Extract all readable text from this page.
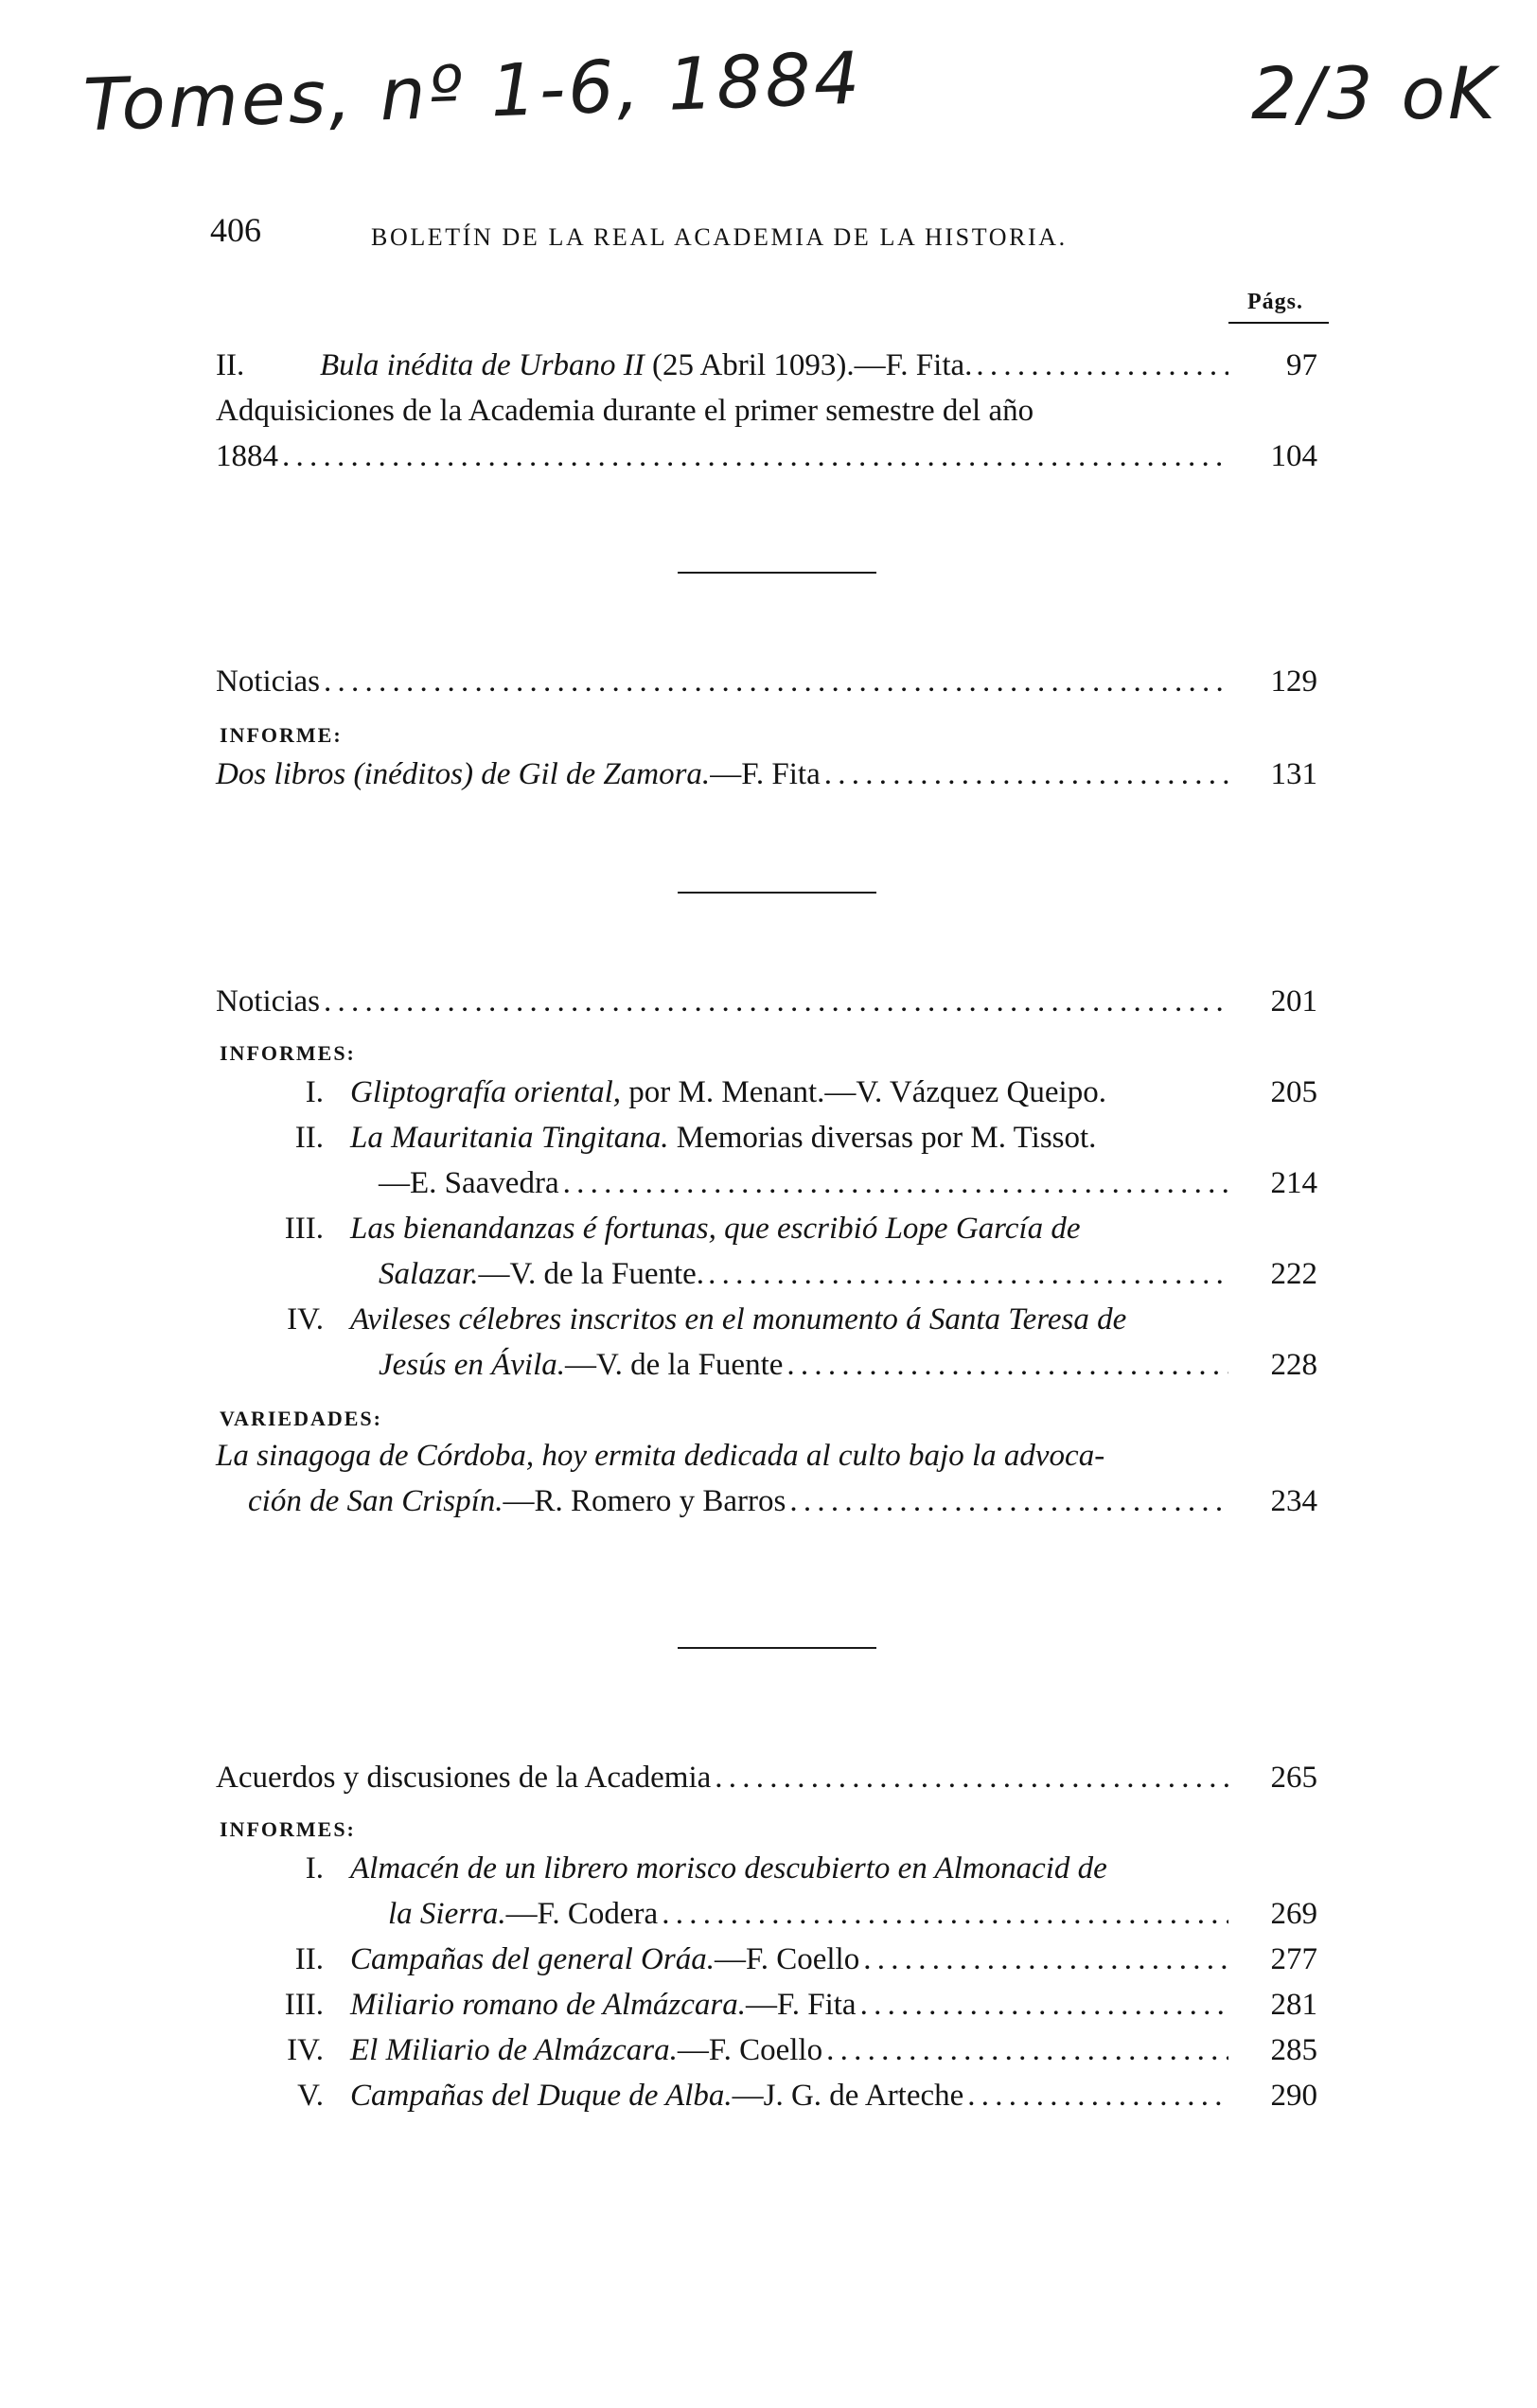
Tomes, nº 1-6, 1884	2/3 oK
406	BOLETÍN DE LA REAL ACADEMIA DE LA HISTORIA.
Págs.
II.	Bula inédita de Urbano II (25 Abril 1093).—F. Fita. . . .	97
Adquisiciones de la Academia durante el primer semestre del año
1884 . . .	104
Noticias . . .	129
INFORME:
Dos libros (inéditos) de Gil de Zamora.—F. Fita . . .	131
Noticias . . .	201
INFORMES:
I. Gliptografía oriental, por M. Menant.—V. Vázquez Queipo.	205
II. La Mauritania Tingitana. Memorias diversas por M. Tissot.
—E. Saavedra . . .	214
III. Las bienandanzas é fortunas, que escribió Lope García de
Salazar.—V. de la Fuente. . . .	222
IV. Avileses célebres inscritos en el monumento á Santa Teresa de
Jesús en Ávila.—V. de la Fuente . . .	228
VARIEDADES:
La sinagoga de Córdoba, hoy ermita dedicada al culto bajo la advoca-
ción de San Crispín.—R. Romero y Barros . . .	234
Acuerdos y discusiones de la Academia . . .	265
INFORMES:
I. Almacén de un librero morisco descubierto en Almonacid de
la Sierra.—F. Codera . . .	269
II. Campañas del general Oráa.—F. Coello . . .	277
III. Miliario romano de Almázcara.—F. Fita . . .	281
IV. El Miliario de Almázcara.—F. Coello . . .	285
V. Campañas del Duque de Alba.—J. G. de Arteche . . .	290
